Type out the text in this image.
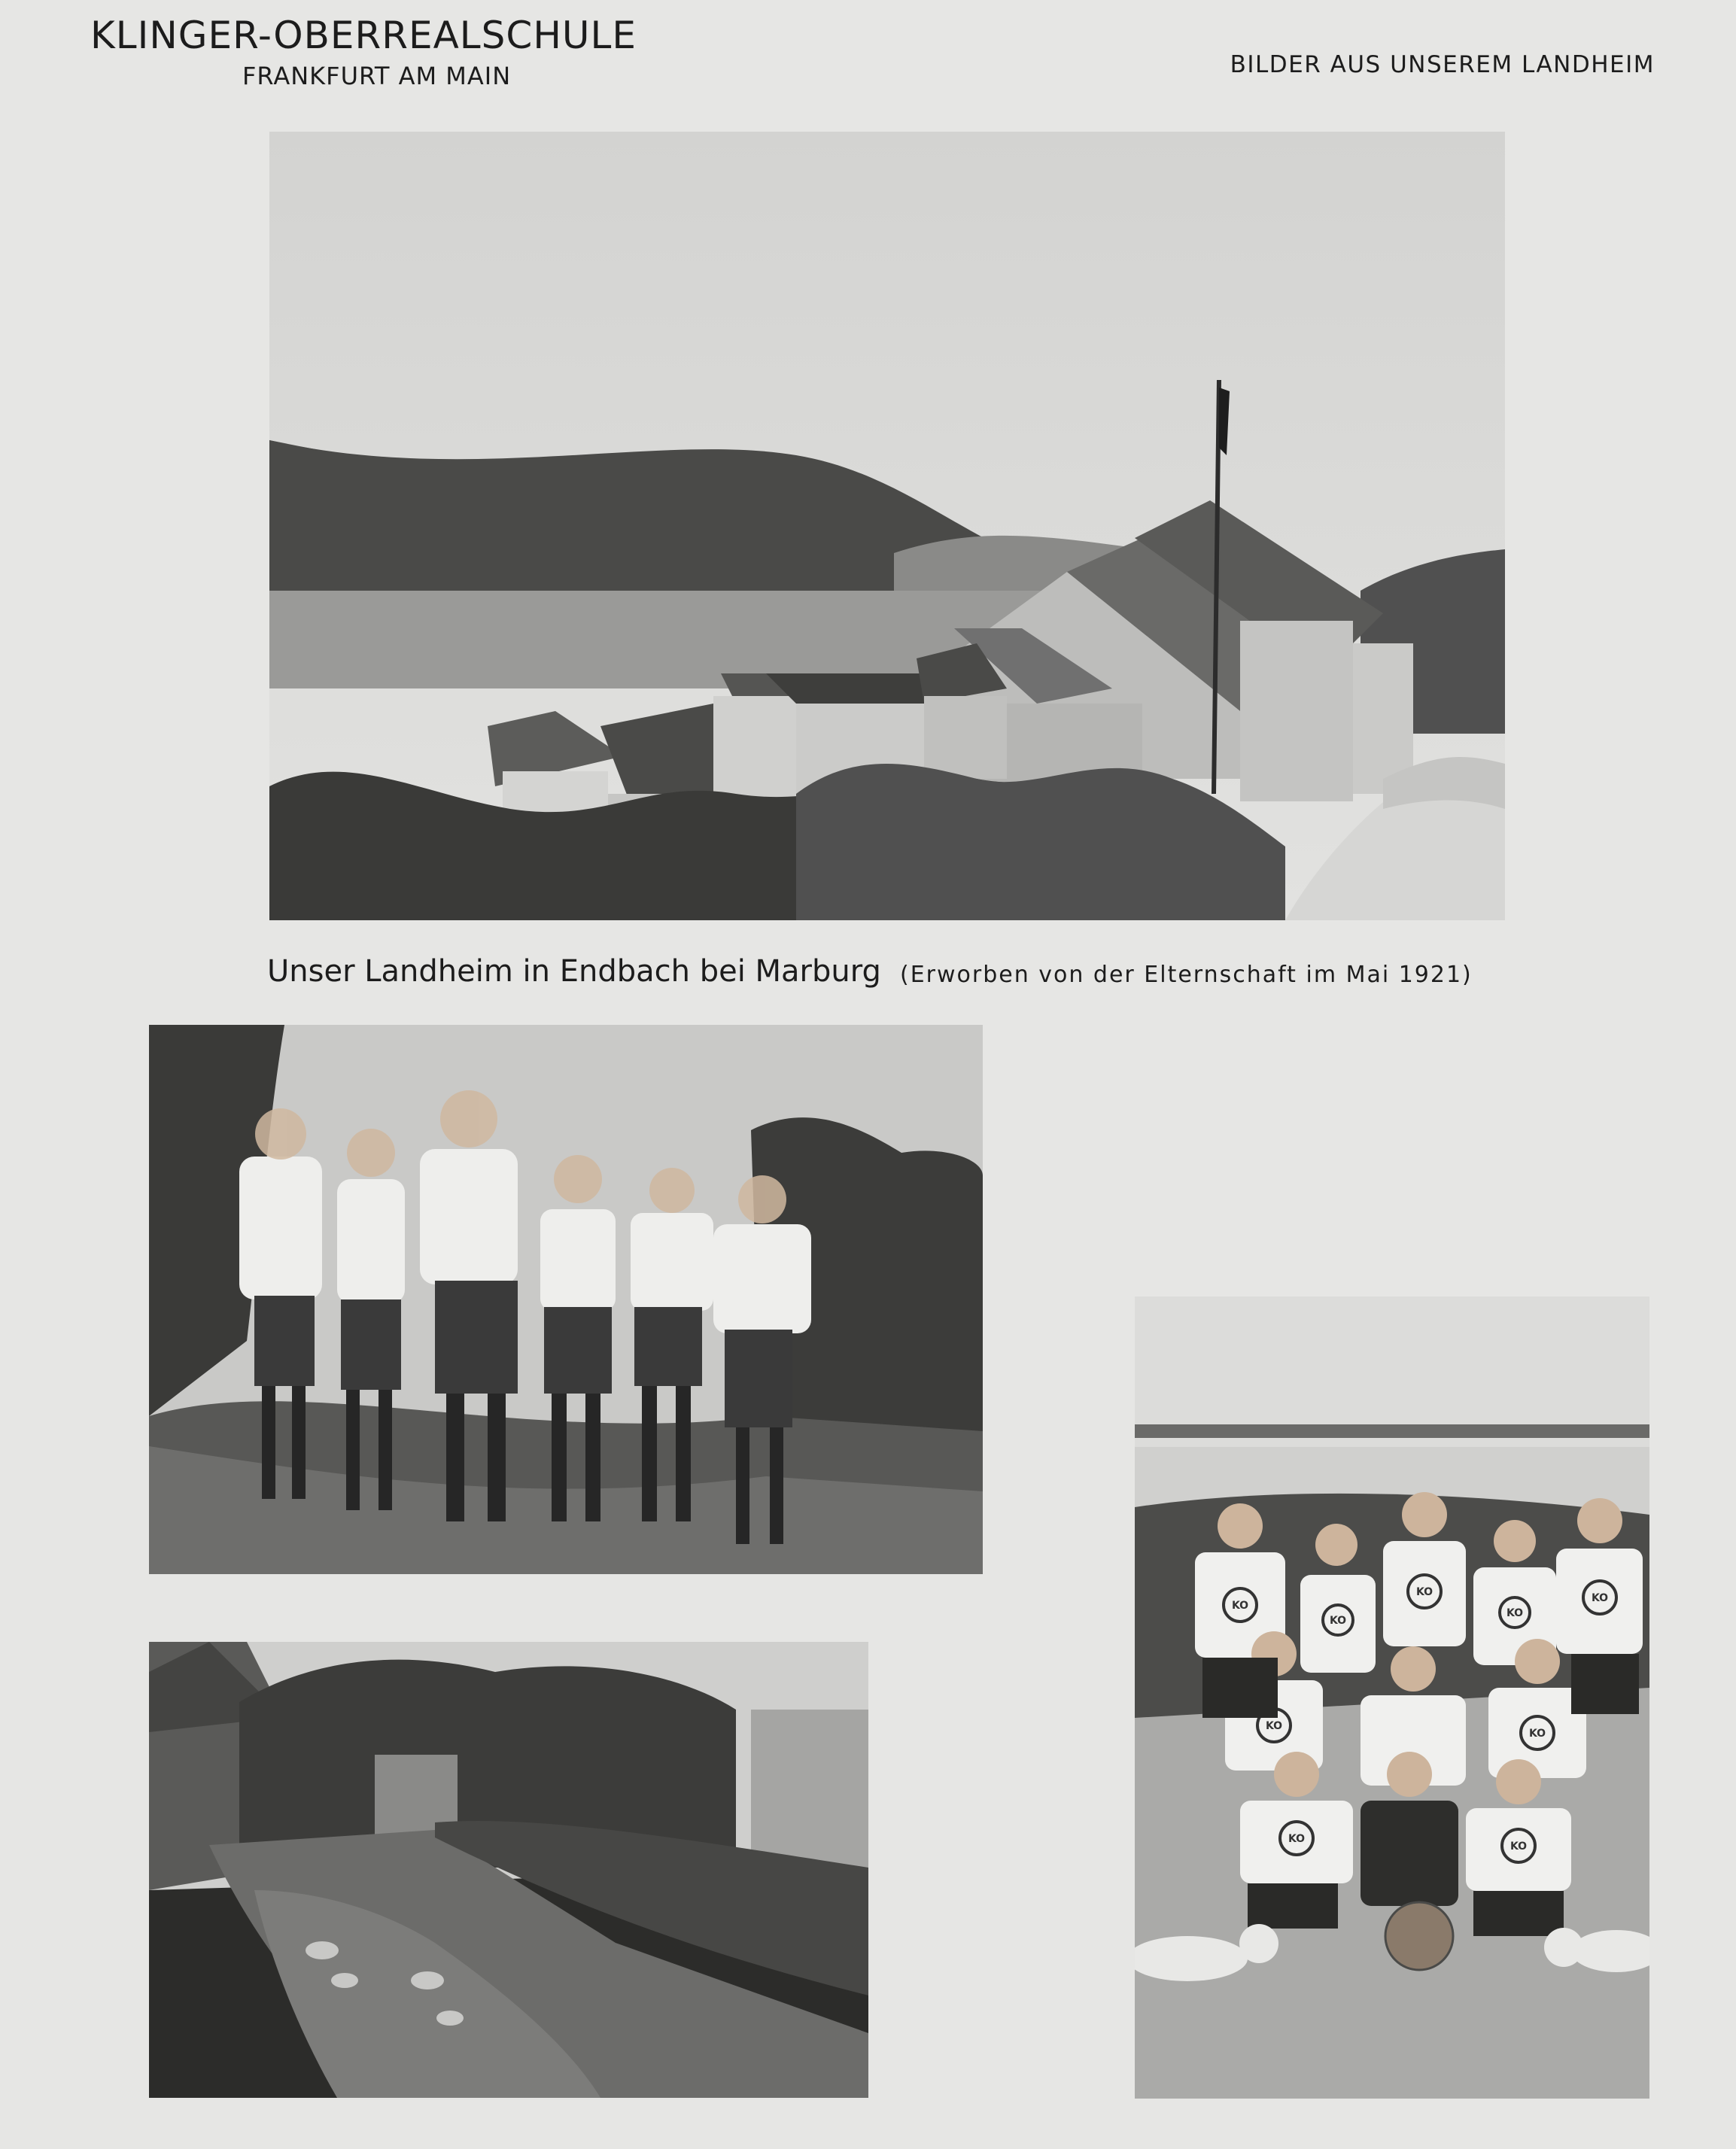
KLINGER-OBERREALSCHULE
FRANKFURT AM MAIN	BILDER AUS UNSEREM LANDHEIM
Unser Landheim in Endbach bei Marburg (Erworben von der Elternschaft im Mai 1921)
KO
KO
KO
KO
KO
KO
KO
KO
KO
